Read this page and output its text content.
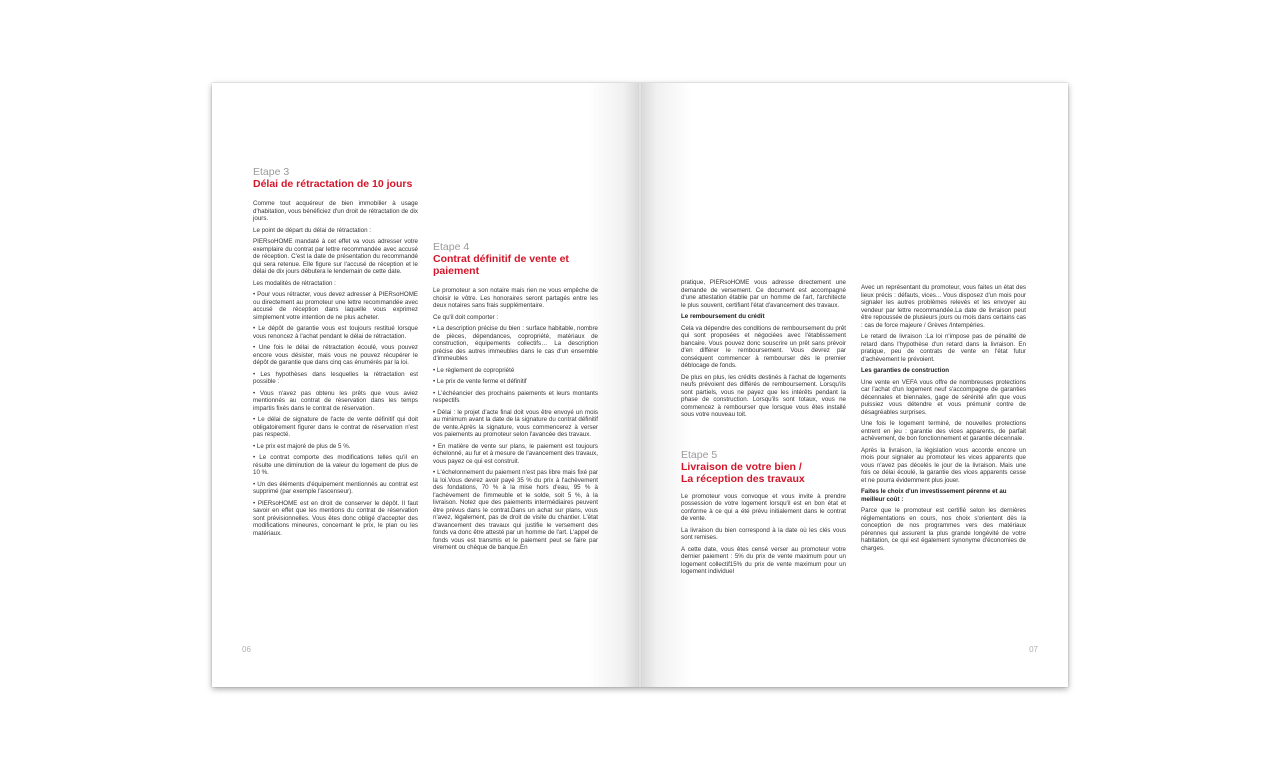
Etape 3
Délai de rétractation de 10 jours

Comme tout acquéreur de bien immobilier à usage d'habitation, vous bénéficiez d'un droit de rétractation de dix jours.

Le point de départ du délai de rétractation :

PIERsoHOME mandaté à cet effet va vous adresser votre exemplaire du contrat par lettre recommandée avec accusé de réception. C'est la date de présentation du recommandé qui sera retenue. Elle figure sur l'accusé de réception et le délai de dix jours débutera le lendemain de cette date.

Les modalités de rétractation :

• Pour vous rétracter, vous devez adresser à PIERsoHOME ou directement au promoteur une lettre recommandée avec accusé de réception dans laquelle vous exprimez simplement votre intention de ne plus acheter.

• Le dépôt de garantie vous est toujours restitué lorsque vous renoncez à l'achat pendant le délai de rétractation.

• Une fois le délai de rétractation écoulé, vous pouvez encore vous désister, mais vous ne pouvez récupérer le dépôt de garantie que dans cinq cas énumérés par la loi.

• Les hypothèses dans lesquelles la rétractation est possible :

• Vous n'avez pas obtenu les prêts que vous aviez mentionnés au contrat de réservation dans les temps impartis fixés dans le contrat de réservation.

• Le délai de signature de l'acte de vente définitif qui doit obligatoirement figurer dans le contrat de réservation n'est pas respecté.

• Le prix est majoré de plus de 5 %.

• Le contrat comporte des modifications telles qu'il en résulte une diminution de la valeur du logement de plus de 10 %.

• Un des éléments d'équipement mentionnés au contrat est supprimé (par exemple l'ascenseur).

• PIERsoHOME est en droit de conserver le dépôt. Il faut savoir en effet que les mentions du contrat de réservation sont prévisionnelles. Vous êtes donc obligé d'accepter des modifications mineures, concernant le prix, le plan ou les matériaux.

Etape 4
Contrat définitif de vente et paiement

Le promoteur a son notaire mais rien ne vous empêche de choisir le vôtre. Les honoraires seront partagés entre les deux notaires sans frais supplémentaire.

Ce qu'il doit comporter :

• La description précise du bien : surface habitable, nombre de pièces, dépendances, copropriété, matériaux de construction, équipements collectifs… La description précise des autres immeubles dans le cas d'un ensemble d'immeubles

• Le règlement de copropriété

• Le prix de vente ferme et définitif

• L'échéancier des prochains paiements et leurs montants respectifs

• Délai : le projet d'acte final doit vous être envoyé un mois au minimum avant la date de la signature du contrat définitif de vente.Après la signature, vous commencerez à verser vos paiements au promoteur selon l'avancée des travaux.

• En matière de vente sur plans, le paiement est toujours échelonné, au fur et à mesure de l'avancement des travaux, vous payez ce qui est construit.

• L'échelonnement du paiement n'est pas libre mais fixé par la loi.Vous devrez avoir payé 35 % du prix à l'achèvement des fondations, 70 % à la mise hors d'eau, 95 % à l'achèvement de l'immeuble et le solde, soit 5 %, à la livraison. Notez que des paiements intermédiaires peuvent être prévus dans le contrat.Dans un achat sur plans, vous n'avez, légalement, pas de droit de visite du chantier. L'état d'avancement des travaux qui justifie le versement des fonds va donc être attesté par un homme de l'art. L'appel de fonds vous est transmis et le paiement peut se faire par virement ou chèque de banque.En

06

pratique, PIERsoHOME vous adresse directement une demande de versement. Ce document est accompagné d'une attestation établie par un homme de l'art, l'architecte le plus souvent, certifiant l'état d'avancement des travaux.

Le remboursement du crédit

Cela va dépendre des conditions de remboursement du prêt qui sont proposées et négociées avec l'établissement bancaire. Vous pouvez donc souscrire un prêt sans prévoir d'en différer le remboursement. Vous devrez par conséquent commencer à rembourser dès le premier déblocage de fonds.

De plus en plus, les crédits destinés à l'achat de logements neufs prévoient des différés de remboursement. Lorsqu'ils sont partiels, vous ne payez que les intérêts pendant la phase de construction. Lorsqu'ils sont totaux, vous ne commencez à rembourser que lorsque vous êtes installé sous votre nouveau toit.

Etape 5
Livraison de votre bien /
La réception des travaux

Le promoteur vous convoque et vous invite à prendre possession de votre logement lorsqu'il est en bon état et conforme à ce qui a été prévu initialement dans le contrat de vente.

La livraison du bien correspond à la date où les clés vous sont remises.

A cette date, vous êtes censé verser au promoteur votre dernier paiement : 5% du prix de vente maximum pour un logement collectif15% du prix de vente maximum pour un logement individuel

Avec un représentant du promoteur, vous faites un état des lieux précis : défauts, vices... Vous disposez d'un mois pour signaler les autres problèmes relevés et les envoyer au vendeur par lettre recommandée.La date de livraison peut être repoussée de plusieurs jours ou mois dans certains cas : cas de force majeure / Grèves /Intempéries.

Le retard de livraison :La loi n'impose pas de pénalité de retard dans l'hypothèse d'un retard dans la livraison. En pratique, peu de contrats de vente en l'état futur d'achèvement le prévoient.

Les garanties de construction

Une vente en VEFA vous offre de nombreuses protections car l'achat d'un logement neuf s'accompagne de garanties décennales et biennales, gage de sérénité afin que vous puissiez vous détendre et vous prémunir contre de désagréables surprises.

Une fois le logement terminé, de nouvelles protections entrent en jeu : garantie des vices apparents, de parfait achèvement, de bon fonctionnement et garantie décennale.

Après la livraison, la législation vous accorde encore un mois pour signaler au promoteur les vices apparents que vous n'avez pas décelés le jour de la livraison. Mais une fois ce délai écoulé, la garantie des vices apparents cesse et ne pourra évidemment plus jouer.

Faites le choix d'un investissement pérenne et au meilleur coût :

Parce que le promoteur est certifié selon les dernières réglementations en cours, nos choix s'orientent dès la conception de nos programmes vers des matériaux pérennes qui assurent la plus grande longévité de votre habitation, ce qui est également synonyme d'économies de charges.

07
